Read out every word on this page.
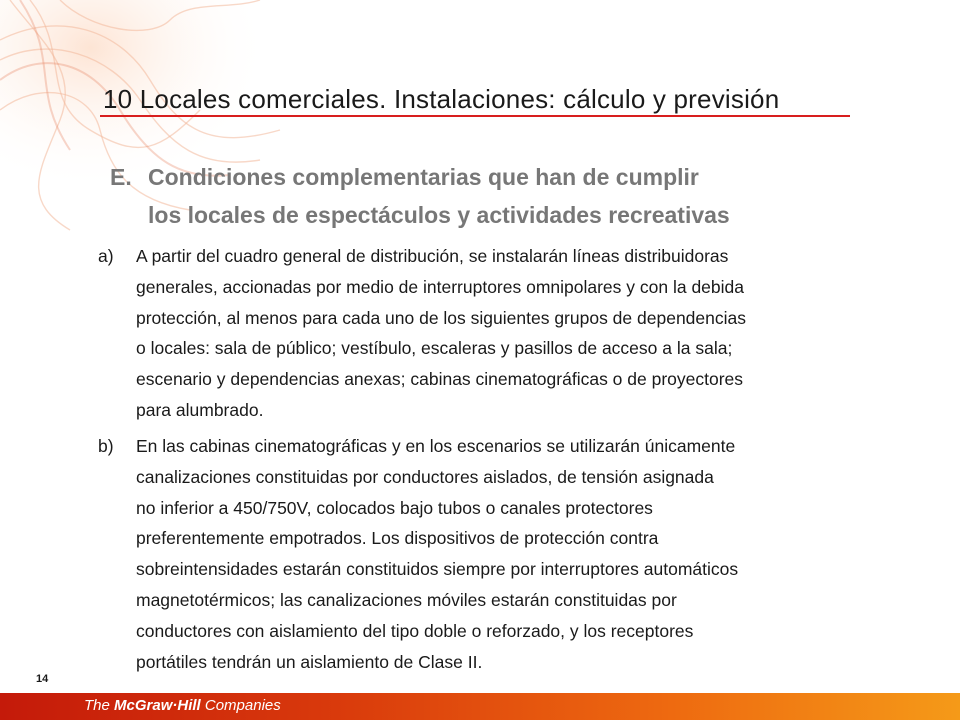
10 Locales comerciales. Instalaciones: cálculo y previsión
E. Condiciones complementarias que han de cumplir
los locales de espectáculos y actividades recreativas
a)	A partir del cuadro general de distribución, se instalarán líneas distribuidoras
generales, accionadas por medio de interruptores omnipolares y con la debida
protección, al menos para cada uno de los siguientes grupos de dependencias
o locales: sala de público; vestíbulo, escaleras y pasillos de acceso a la sala;
escenario y dependencias anexas; cabinas cinematográficas o de proyectores
para alumbrado.
b)	En las cabinas cinematográficas y en los escenarios se utilizarán únicamente
canalizaciones constituidas por conductores aislados, de tensión asignada
no inferior a 450/750V, colocados bajo tubos o canales protectores
preferentemente empotrados. Los dispositivos de protección contra
sobreintensidades estarán constituidos siempre por interruptores automáticos
magnetotérmicos; las canalizaciones móviles estarán constituidas por
conductores con aislamiento del tipo doble o reforzado, y los receptores
portátiles tendrán un aislamiento de Clase II.
14
The McGraw·Hill Companies
